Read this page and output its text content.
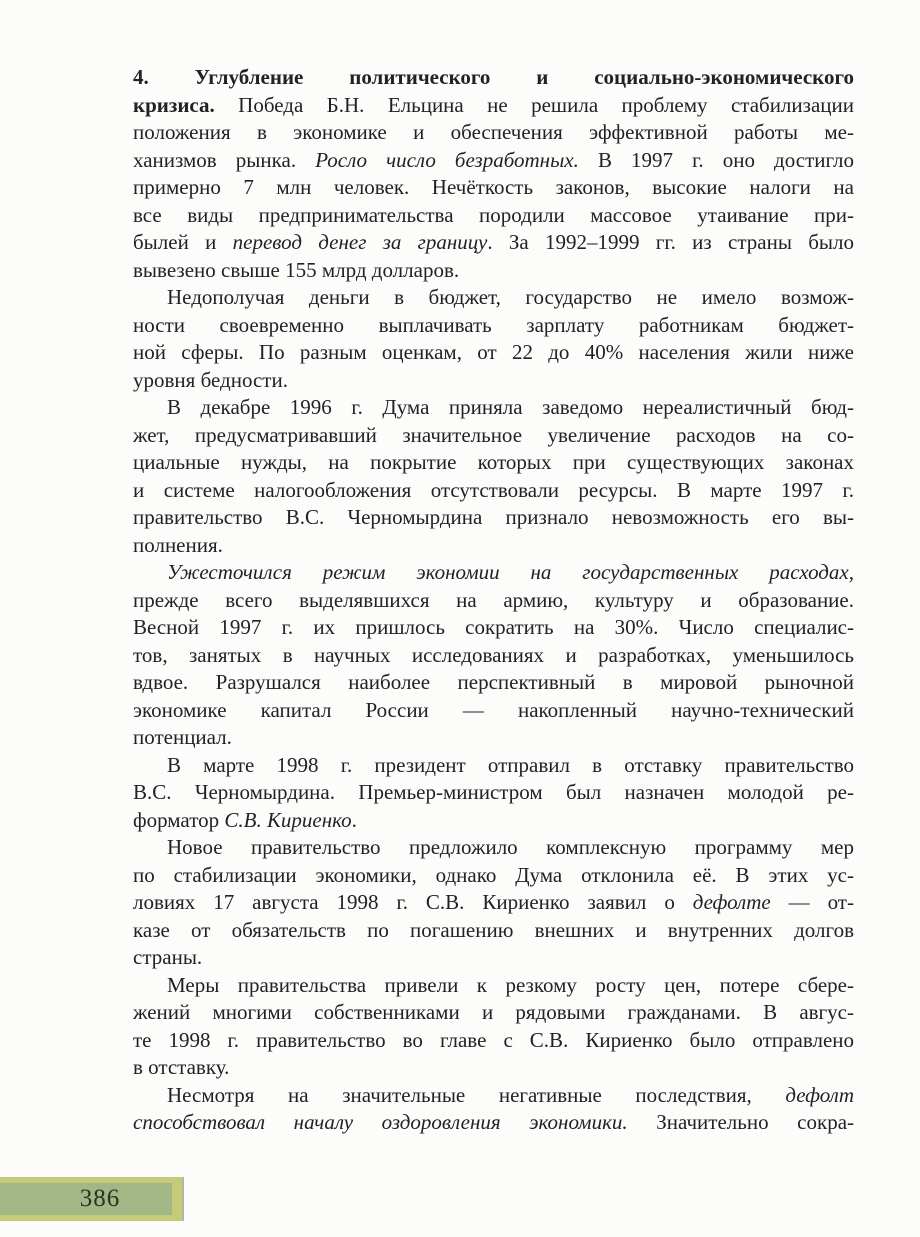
4. Углубление политического и социально-экономического
кризиса. Победа Б.Н. Ельцина не решила проблему стабилизации
положения в экономике и обеспечения эффективной работы ме-
ханизмов рынка. Росло число безработных. В 1997 г. оно достигло
примерно 7 млн человек. Нечёткость законов, высокие налоги на
все виды предпринимательства породили массовое утаивание при-
былей и перевод денег за границу. За 1992–1999 гг. из страны было
вывезено свыше 155 млрд долларов.
Недополучая деньги в бюджет, государство не имело возмож-
ности своевременно выплачивать зарплату работникам бюджет-
ной сферы. По разным оценкам, от 22 до 40% населения жили ниже
уровня бедности.
В декабре 1996 г. Дума приняла заведомо нереалистичный бюд-
жет, предусматривавший значительное увеличение расходов на со-
циальные нужды, на покрытие которых при существующих законах
и системе налогообложения отсутствовали ресурсы. В марте 1997 г.
правительство В.С. Черномырдина признало невозможность его вы-
полнения.
Ужесточился режим экономии на государственных расходах,
прежде всего выделявшихся на армию, культуру и образование.
Весной 1997 г. их пришлось сократить на 30%. Число специалис-
тов, занятых в научных исследованиях и разработках, уменьшилось
вдвое. Разрушался наиболее перспективный в мировой рыночной
экономике капитал России — накопленный научно-технический
потенциал.
В марте 1998 г. президент отправил в отставку правительство
В.С. Черномырдина. Премьер-министром был назначен молодой ре-
форматор С.В. Кириенко.
Новое правительство предложило комплексную программу мер
по стабилизации экономики, однако Дума отклонила её. В этих ус-
ловиях 17 августа 1998 г. С.В. Кириенко заявил о дефолте — от-
казе от обязательств по погашению внешних и внутренних долгов
страны.
Меры правительства привели к резкому росту цен, потере сбере-
жений многими собственниками и рядовыми гражданами. В авгус-
те 1998 г. правительство во главе с С.В. Кириенко было отправлено
в отставку.
Несмотря на значительные негативные последствия, дефолт
способствовал началу оздоровления экономики. Значительно сокра-
386
